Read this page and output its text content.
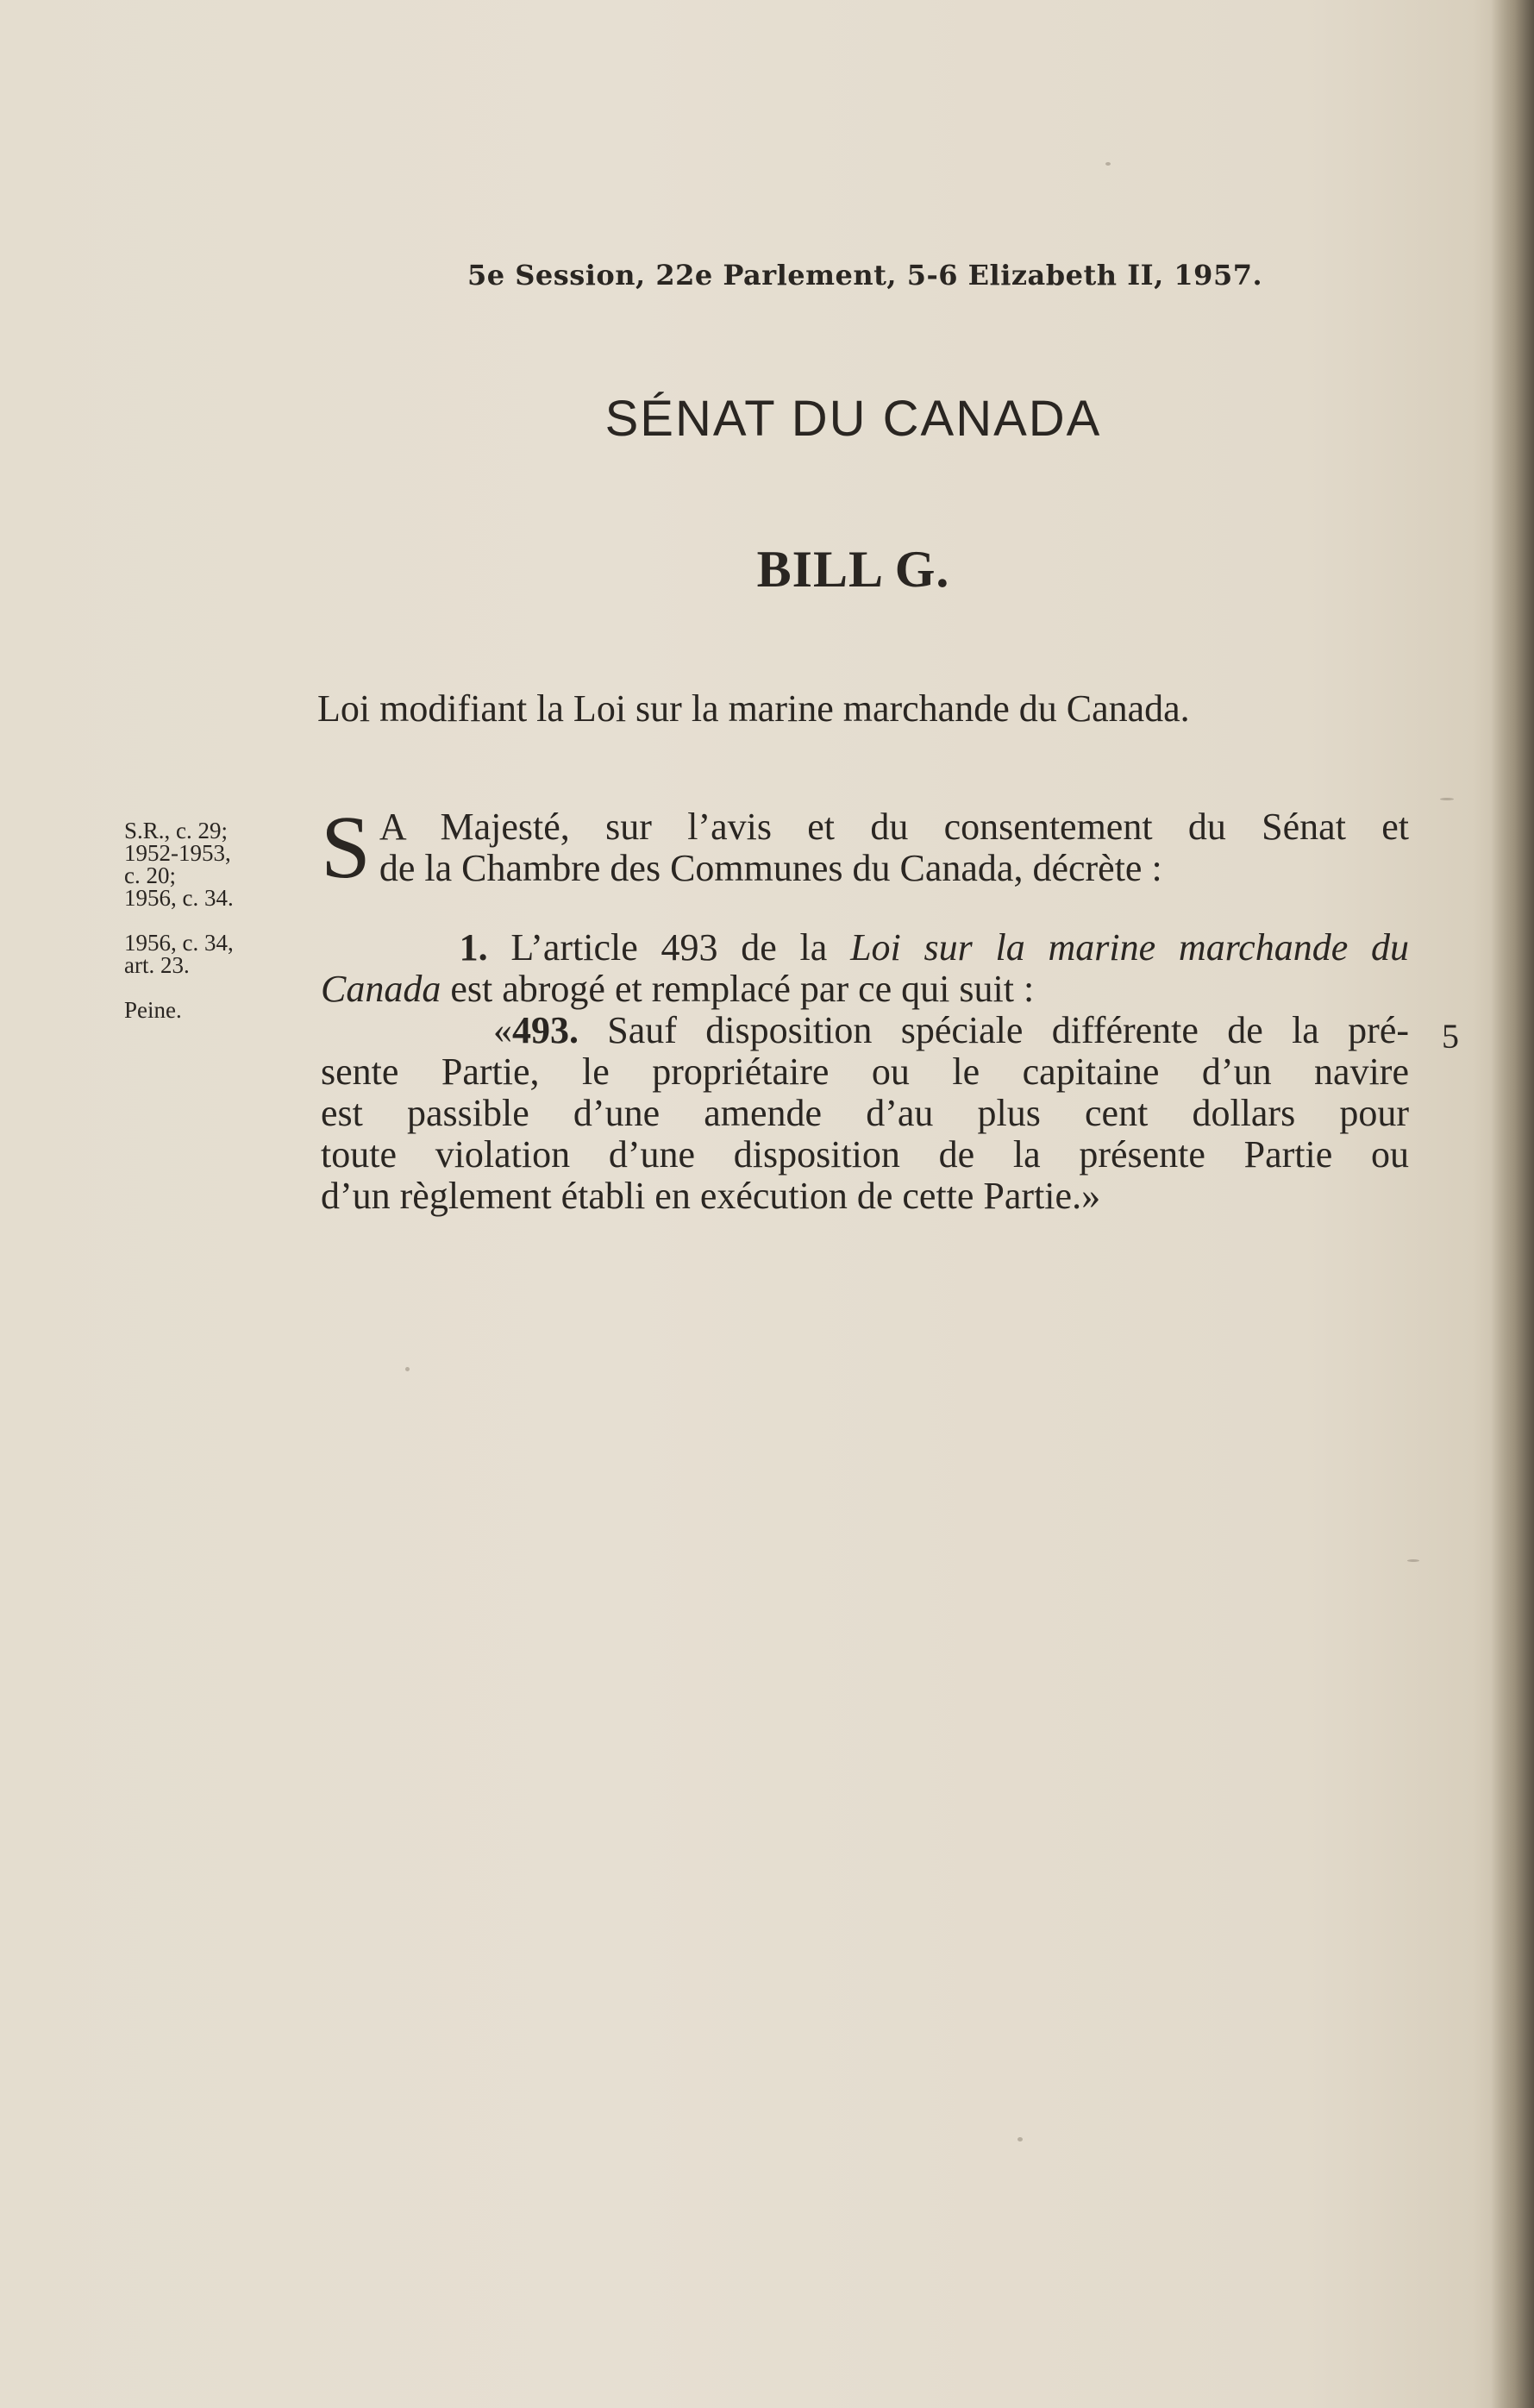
5e Session, 22e Parlement, 5-6 Elizabeth II, 1957.
SÉNAT DU CANADA
BILL G.
Loi modifiant la Loi sur la marine marchande du Canada.
S.R., c. 29;
1952-1953,
c. 20;
1956, c. 34.
1956, c. 34,
art. 23.
Peine.
S A Majesté, sur l’avis et du consentement du Sénat et
de la Chambre des Communes du Canada, décrète :
1. L’article 493 de la Loi sur la marine marchande du
Canada est abrogé et remplacé par ce qui suit :
«493. Sauf disposition spéciale différente de la pré-
sente Partie, le propriétaire ou le capitaine d’un navire
est passible d’une amende d’au plus cent dollars pour
toute violation d’une disposition de la présente Partie ou
d’un règlement établi en exécution de cette Partie.»
5
